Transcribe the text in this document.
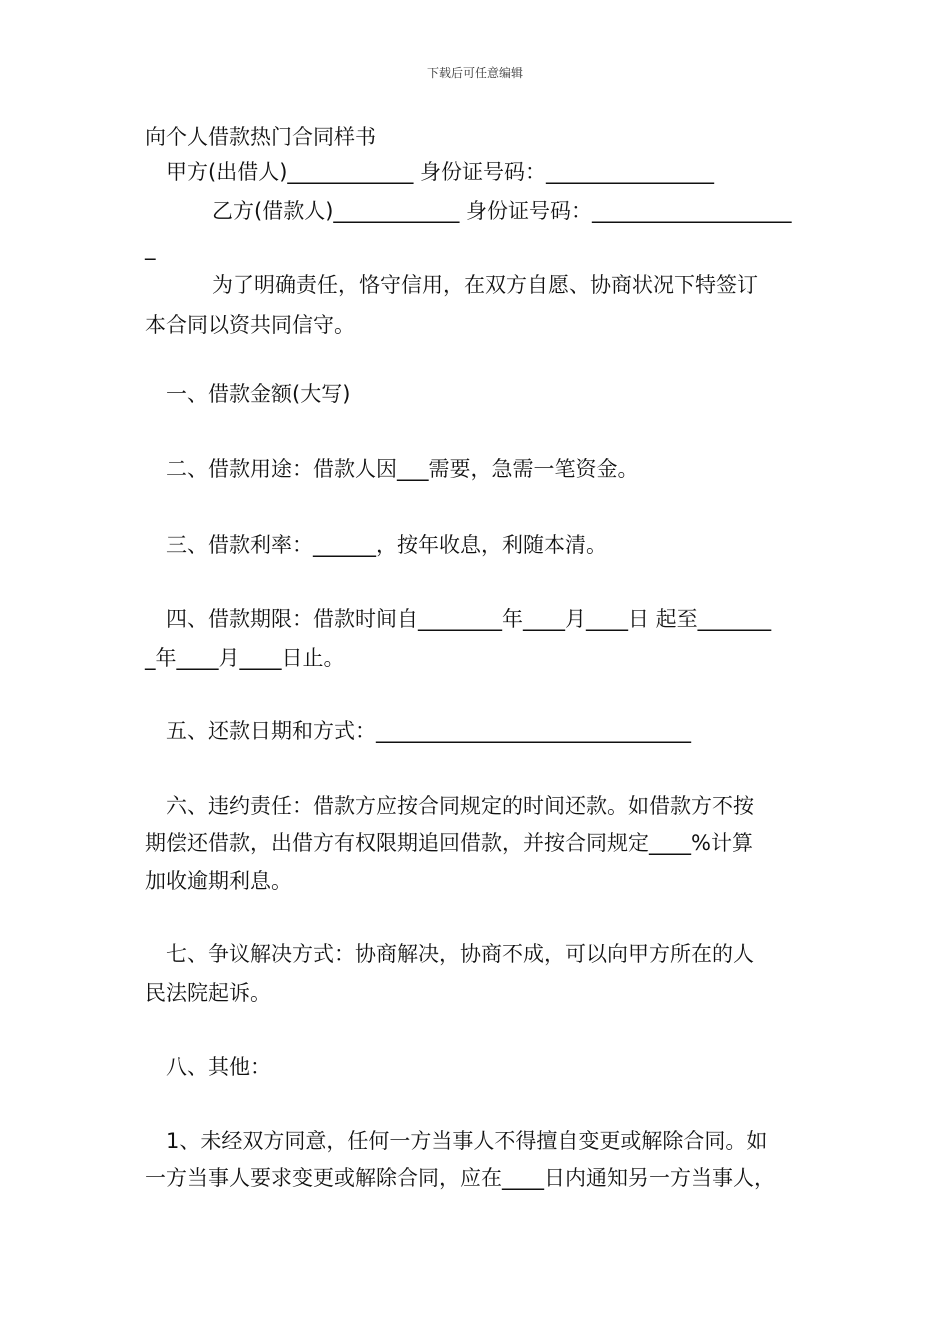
下载后可任意编辑
向个人借款热门合同样书
甲方(出借人)____________ 身份证号码：________________
乙方(借款人)____________ 身份证号码：___________________
_
为了明确责任，恪守信用，在双方自愿、协商状况下特签订
本合同以资共同信守。
一、借款金额(大写)
二、借款用途：借款人因___需要，急需一笔资金。
三、借款利率：______，按年收息，利随本清。
四、借款期限：借款时间自________年____月____日 起至_______
_年____月____日止。
五、还款日期和方式：______________________________
六、违约责任：借款方应按合同规定的时间还款。如借款方不按
期偿还借款，出借方有权限期追回借款，并按合同规定____%计算
加收逾期利息。
七、争议解决方式：协商解决，协商不成，可以向甲方所在的人
民法院起诉。
八、其他：
1、未经双方同意，任何一方当事人不得擅自变更或解除合同。如
一方当事人要求变更或解除合同，应在____日内通知另一方当事人，
